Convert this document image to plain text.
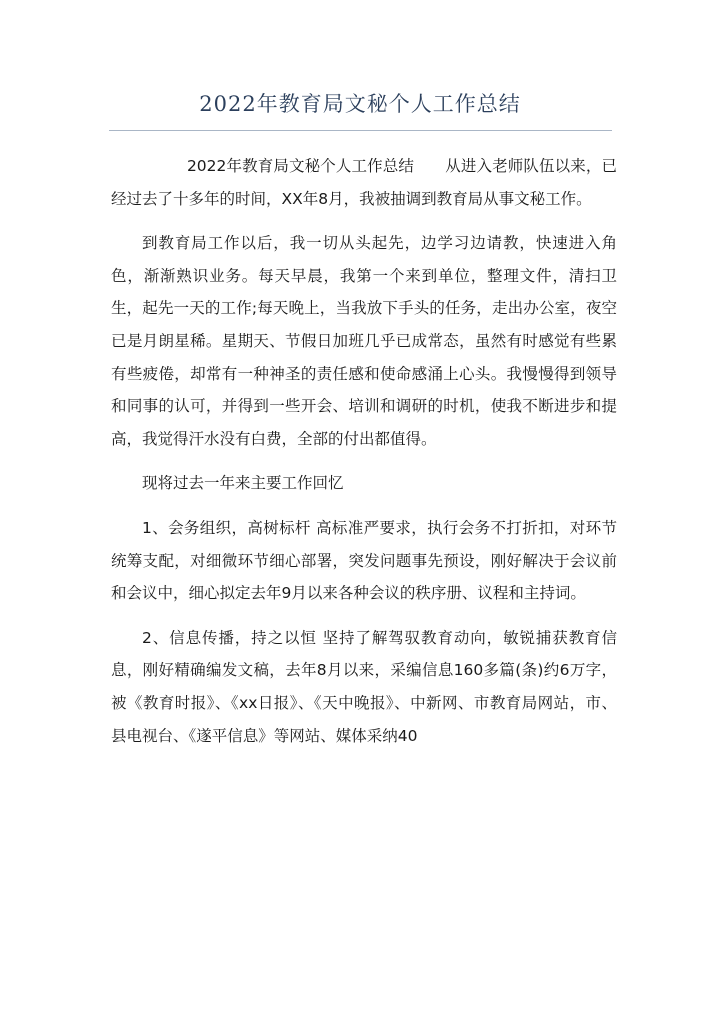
2022年教育局文秘个人工作总结

2022年教育局文秘个人工作总结　　从进入老师队伍以来，已经过去了十多年的时间，XX年8月，我被抽调到教育局从事文秘工作。

到教育局工作以后，我一切从头起先，边学习边请教，快速进入角色，渐渐熟识业务。每天早晨，我第一个来到单位，整理文件，清扫卫生，起先一天的工作;每天晚上，当我放下手头的任务，走出办公室，夜空已是月朗星稀。星期天、节假日加班几乎已成常态，虽然有时感觉有些累有些疲倦，却常有一种神圣的责任感和使命感涌上心头。我慢慢得到领导和同事的认可，并得到一些开会、培训和调研的时机，使我不断进步和提高，我觉得汗水没有白费，全部的付出都值得。

现将过去一年来主要工作回忆

1、会务组织，高树标杆 高标准严要求，执行会务不打折扣，对环节统筹支配，对细微环节细心部署，突发问题事先预设，刚好解决于会议前和会议中，细心拟定去年9月以来各种会议的秩序册、议程和主持词。

2、信息传播，持之以恒 坚持了解驾驭教育动向，敏锐捕获教育信息，刚好精确编发文稿，去年8月以来，采编信息160多篇(条)约6万字，被《教育时报》、《xx日报》、《天中晚报》、中新网、市教育局网站，市、县电视台、《遂平信息》等网站、媒体采纳40
